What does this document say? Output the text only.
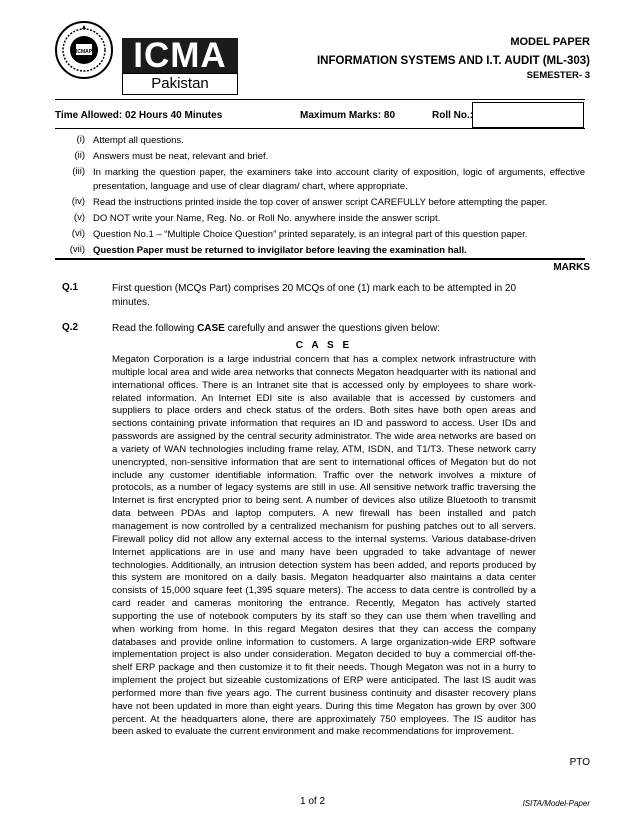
ICMAP	ICMA
Pakistan
MODEL PAPER
INFORMATION SYSTEMS AND I.T. AUDIT (ML-303)
SEMESTER- 3
Time Allowed: 02 Hours 40 Minutes	Maximum Marks: 80	Roll No.:
(i) Attempt all questions.
(ii) Answers must be neat, relevant and brief.
(iii) In marking the question paper, the examiners take into account clarity of exposition, logic of arguments, effective presentation, language and use of clear diagram/ chart, where appropriate.
(iv) Read the instructions printed inside the top cover of answer script CAREFULLY before attempting the paper.
(v) DO NOT write your Name, Reg. No. or Roll No. anywhere inside the answer script.
(vi) Question No.1 – “Multiple Choice Question” printed separately, is an integral part of this question paper.
(vii) Question Paper must be returned to invigilator before leaving the examination hall.
MARKS
Q.1	First question (MCQs Part) comprises 20 MCQs of one (1) mark each to be attempted in 20 minutes.
Q.2	Read the following CASE carefully and answer the questions given below:
C A S E
Megaton Corporation is a large industrial concern that has a complex network infrastructure with multiple local area and wide area networks that connects Megaton headquarter with its national and international offices. There is an Intranet site that is accessed only by employees to share work-related information. An Internet EDI site is also available that is accessed by customers and suppliers to place orders and check status of the orders. Both sites have both open areas and sections containing private information that requires an ID and password to access. User IDs and passwords are assigned by the central security administrator. The wide area networks are based on a variety of WAN technologies including frame relay, ATM, ISDN, and T1/T3. These network carry unencrypted, non-sensitive information that are sent to international offices of Megaton but do not include any customer identifiable information. Traffic over the network involves a mixture of protocols, as a number of legacy systems are still in use. All sensitive network traffic traversing the Internet is first encrypted prior to being sent. A number of devices also utilize Bluetooth to transmit data between PDAs and laptop computers. A new firewall has been installed and patch management is now controlled by a centralized mechanism for pushing patches out to all servers. Firewall policy did not allow any external access to the internal systems. Various database-driven Internet applications are in use and many have been upgraded to take advantage of newer technologies. Additionally, an intrusion detection system has been added, and reports produced by this system are monitored on a daily basis. Megaton headquarter also maintains a data center consists of 15,000 square feet (1,395 square meters). The access to data centre is controlled by a card reader and cameras monitoring the entrance. Recently, Megaton has actively started supporting the use of notebook computers by its staff so they can use them when travelling and when working from home. In this regard Megaton desires that they can access the company databases and provide online information to customers. A large organization-wide ERP software implementation project is also under consideration. Megaton decided to buy a commercial off-the-shelf ERP package and then customize it to fit their needs. Though Megaton was not in a hurry to implement the project but sizeable customizations of ERP were anticipated. The last IS audit was performed more than five years ago. The current business continuity and disaster recovery plans have not been updated in more than eight years. During this time Megaton has grown by over 300 percent. At the headquarters alone, there are approximately 750 employees. The IS auditor has been asked to evaluate the current environment and make recommendations for improvement.
PTO
1 of 2	ISITA/Model-Paper
